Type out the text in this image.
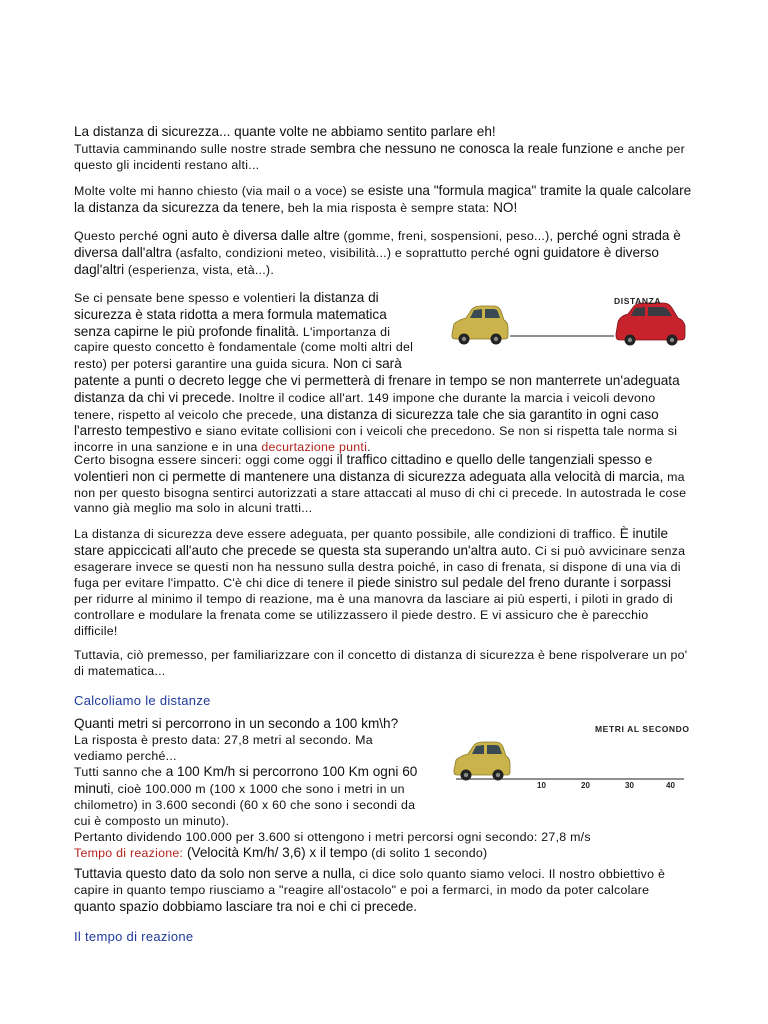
La distanza di sicurezza... quante volte ne abbiamo sentito parlare eh!
Tuttavia camminando sulle nostre strade sembra che nessuno ne conosca la reale funzione e anche per questo gli incidenti restano alti...

Molte volte mi hanno chiesto (via mail o a voce) se esiste una "formula magica" tramite la quale calcolare la distanza da sicurezza da tenere, beh la mia risposta è sempre stata: NO!

Questo perché ogni auto è diversa dalle altre (gomme, freni, sospensioni, peso...), perché ogni strada è diversa dall'altra (asfalto, condizioni meteo, visibilità...) e soprattutto perché ogni guidatore è diverso dagl'altri (esperienza, vista, età...).

DISTANZA

Se ci pensate bene spesso e volentieri la distanza di sicurezza è stata ridotta a mera formula matematica senza capirne le più profonde finalità. L'importanza di capire questo concetto è fondamentale (come molti altri del resto) per potersi garantire una guida sicura. Non ci sarà patente a punti o decreto legge che vi permetterà di frenare in tempo se non manterrete un'adeguata distanza da chi vi precede. Inoltre il codice all'art. 149 impone che durante la marcia i veicoli devono tenere, rispetto al veicolo che precede, una distanza di sicurezza tale che sia garantito in ogni caso l'arresto tempestivo e siano evitate collisioni con i veicoli che precedono. Se non si rispetta tale norma si incorre in una sanzione e in una decurtazione punti.

Certo bisogna essere sinceri: oggi come oggi il traffico cittadino e quello delle tangenziali spesso e volentieri non ci permette di mantenere una distanza di sicurezza adeguata alla velocità di marcia, ma non per questo bisogna sentirci autorizzati a stare attaccati al muso di chi ci precede. In autostrada le cose vanno già meglio ma solo in alcuni tratti...

La distanza di sicurezza deve essere adeguata, per quanto possibile, alle condizioni di traffico. È inutile stare appiccicati all'auto che precede se questa sta superando un'altra auto. Ci si può avvicinare senza esagerare invece se questi non ha nessuno sulla destra poiché, in caso di frenata, si dispone di una via di fuga per evitare l'impatto. C'è chi dice di tenere il piede sinistro sul pedale del freno durante i sorpassi per ridurre al minimo il tempo di reazione, ma è una manovra da lasciare ai più esperti, i piloti in grado di controllare e modulare la frenata come se utilizzassero il piede destro. E vi assicuro che è parecchio difficile!

Tuttavia, ciò premesso, per familiarizzare con il concetto di distanza di sicurezza è bene rispolverare un po' di matematica...

Calcoliamo le distanze

METRI AL SECONDO
10	20	30	40

Quanti metri si percorrono in un secondo a 100 km\h?
La risposta è presto data: 27,8 metri al secondo. Ma vediamo perché...
Tutti sanno che a 100 Km/h si percorrono 100 Km ogni 60 minuti, cioè 100.000 m (100 x 1000 che sono i metri in un chilometro) in 3.600 secondi (60 x 60 che sono i secondi da cui è composto un minuto).
Pertanto dividendo 100.000 per 3.600 si ottengono i metri percorsi ogni secondo: 27,8 m/s
Tempo di reazione: (Velocità Km/h/ 3,6) x il tempo (di solito 1 secondo)

Tuttavia questo dato da solo non serve a nulla, ci dice solo quanto siamo veloci. Il nostro obbiettivo è capire in quanto tempo riusciamo a "reagire all'ostacolo" e poi a fermarci, in modo da poter calcolare quanto spazio dobbiamo lasciare tra noi e chi ci precede.

Il tempo di reazione
